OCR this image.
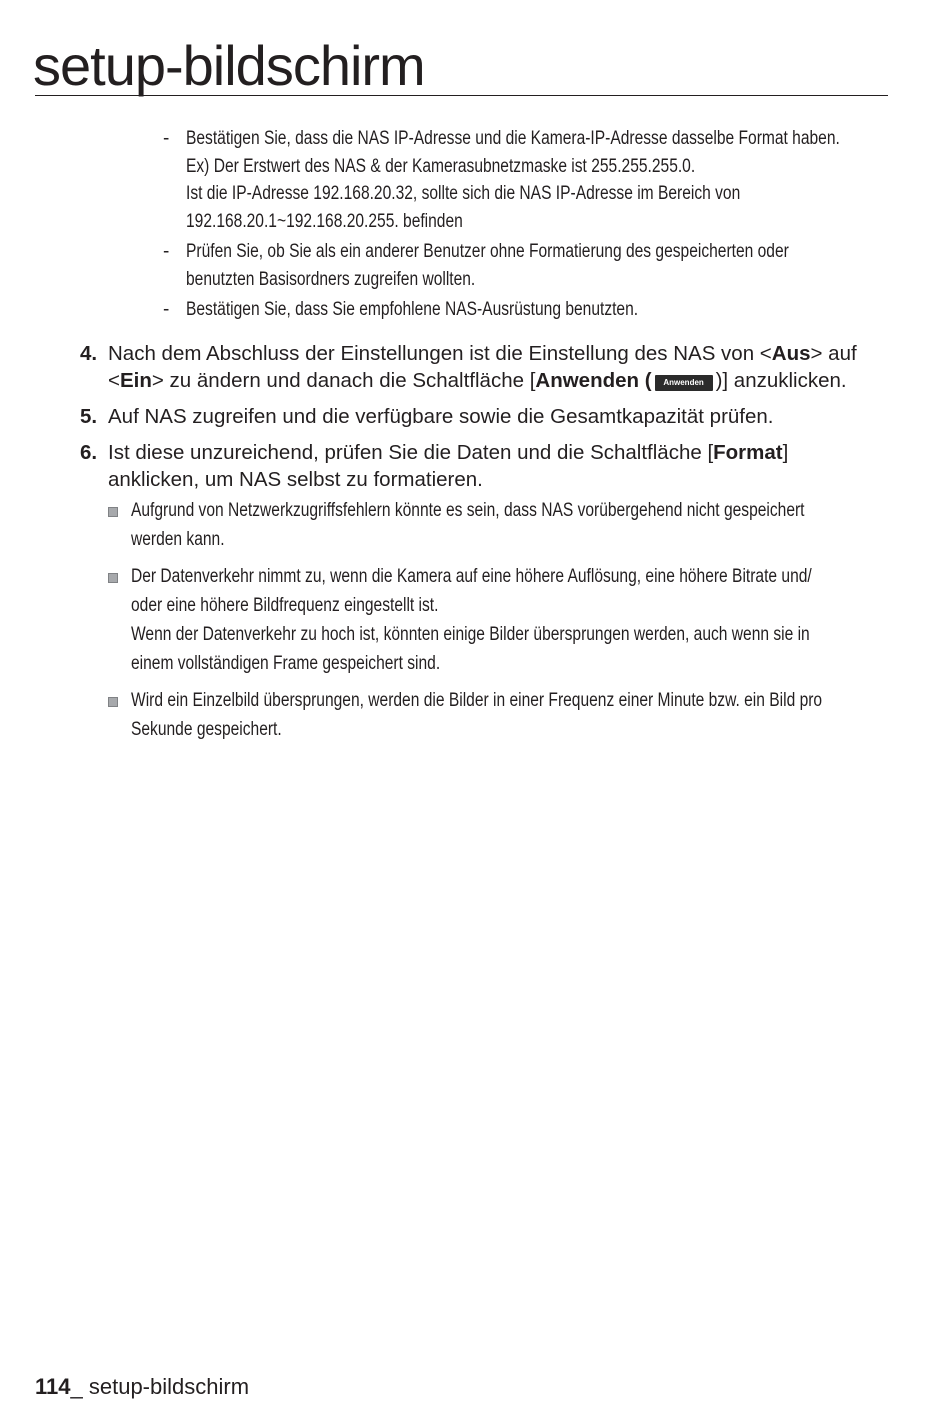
setup-bildschirm
- Bestätigen Sie, dass die NAS IP-Adresse und die Kamera-IP-Adresse dasselbe Format haben.
Ex) Der Erstwert des NAS & der Kamerasubnetzmaske ist 255.255.255.0.
Ist die IP-Adresse 192.168.20.32, sollte sich die NAS IP-Adresse im Bereich von
192.168.20.1~192.168.20.255. befinden
- Prüfen Sie, ob Sie als ein anderer Benutzer ohne Formatierung des gespeicherten oder
benutzten Basisordners zugreifen wollten.
- Bestätigen Sie, dass Sie empfohlene NAS-Ausrüstung benutzten.
4. Nach dem Abschluss der Einstellungen ist die Einstellung des NAS von <Aus> auf
<Ein> zu ändern und danach die Schaltfläche [Anwenden ( Anwenden )] anzuklicken.
5. Auf NAS zugreifen und die verfügbare sowie die Gesamtkapazität prüfen.
6. Ist diese unzureichend, prüfen Sie die Daten und die Schaltfläche [Format]
anklicken, um NAS selbst zu formatieren.
Aufgrund von Netzwerkzugriffsfehlern könnte es sein, dass NAS vorübergehend nicht gespeichert
werden kann.
Der Datenverkehr nimmt zu, wenn die Kamera auf eine höhere Auflösung, eine höhere Bitrate und/
oder eine höhere Bildfrequenz eingestellt ist.
Wenn der Datenverkehr zu hoch ist, könnten einige Bilder übersprungen werden, auch wenn sie in
einem vollständigen Frame gespeichert sind.
Wird ein Einzelbild übersprungen, werden die Bilder in einer Frequenz einer Minute bzw. ein Bild pro
Sekunde gespeichert.
114_ setup-bildschirm
